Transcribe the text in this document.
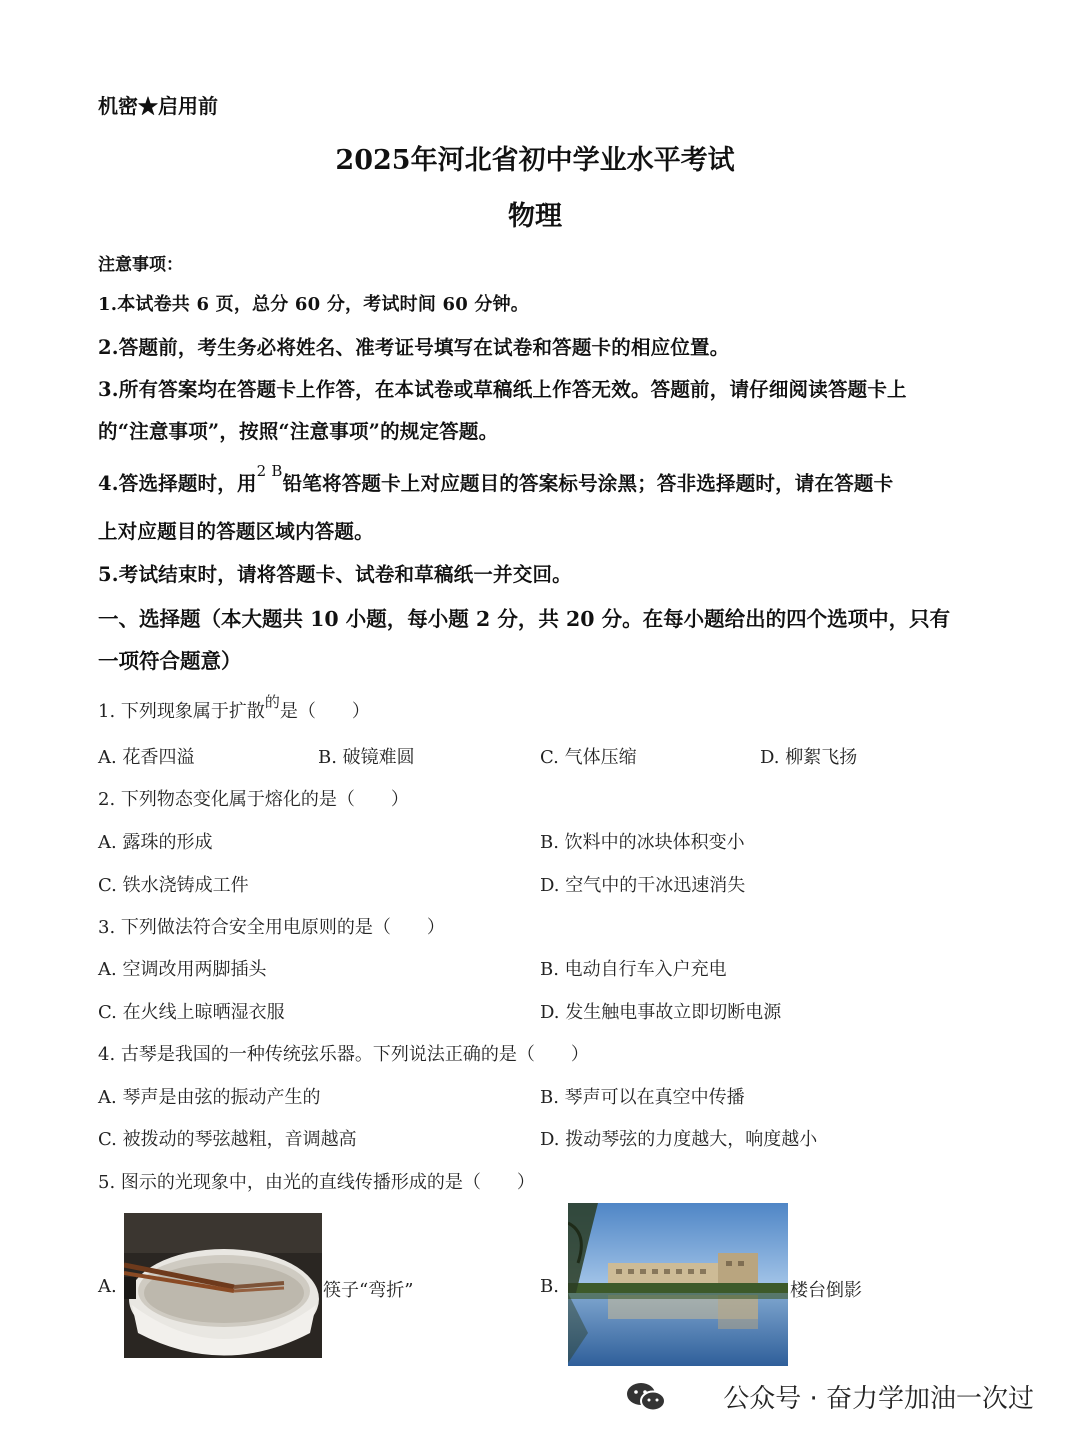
机密★启用前
2025年河北省初中学业水平考试
物理
注意事项：
1.本试卷共 6 页，总分 60 分，考试时间 60 分钟。
2.答题前，考生务必将姓名、准考证号填写在试卷和答题卡的相应位置。
3.所有答案均在答题卡上作答，在本试卷或草稿纸上作答无效。答题前，请仔细阅读答题卡上
的“注意事项”，按照“注意事项”的规定答题。
4.答选择题时，用$^{2 B}$铅笔将答题卡上对应题目的答案标号涂黑；答非选择题时，请在答题卡
上对应题目的答题区域内答题。
5.考试结束时，请将答题卡、试卷和草稿纸一并交回。
一、选择题（本大题共 10 小题，每小题 2 分，共 20 分。在每小题给出的四个选项中，只有
一项符合题意）
1. 下列现象属于扩散$^的$是（　　）
A. 花香四溢	B. 破镜难圆	C. 气体压缩	D. 柳絮飞扬
2. 下列物态变化属于熔化的是（　　）
A. 露珠的形成	B. 饮料中的冰块体积变小
C. 铁水浇铸成工件	D. 空气中的干冰迅速消失
3. 下列做法符合安全用电原则的是（　　）
A. 空调改用两脚插头	B. 电动自行车入户充电
C. 在火线上晾晒湿衣服	D. 发生触电事故立即切断电源
4. 古琴是我国的一种传统弦乐器。下列说法正确的是（　　）
A. 琴声是由弦的振动产生的	B. 琴声可以在真空中传播
C. 被拨动的琴弦越粗，音调越高	D. 拨动琴弦的力度越大，响度越小
5. 图示的光现象中，由光的直线传播形成的是（　　）
A.	筷子“弯折”	B.	楼台倒影
公众号 · 奋力学加油一次过
